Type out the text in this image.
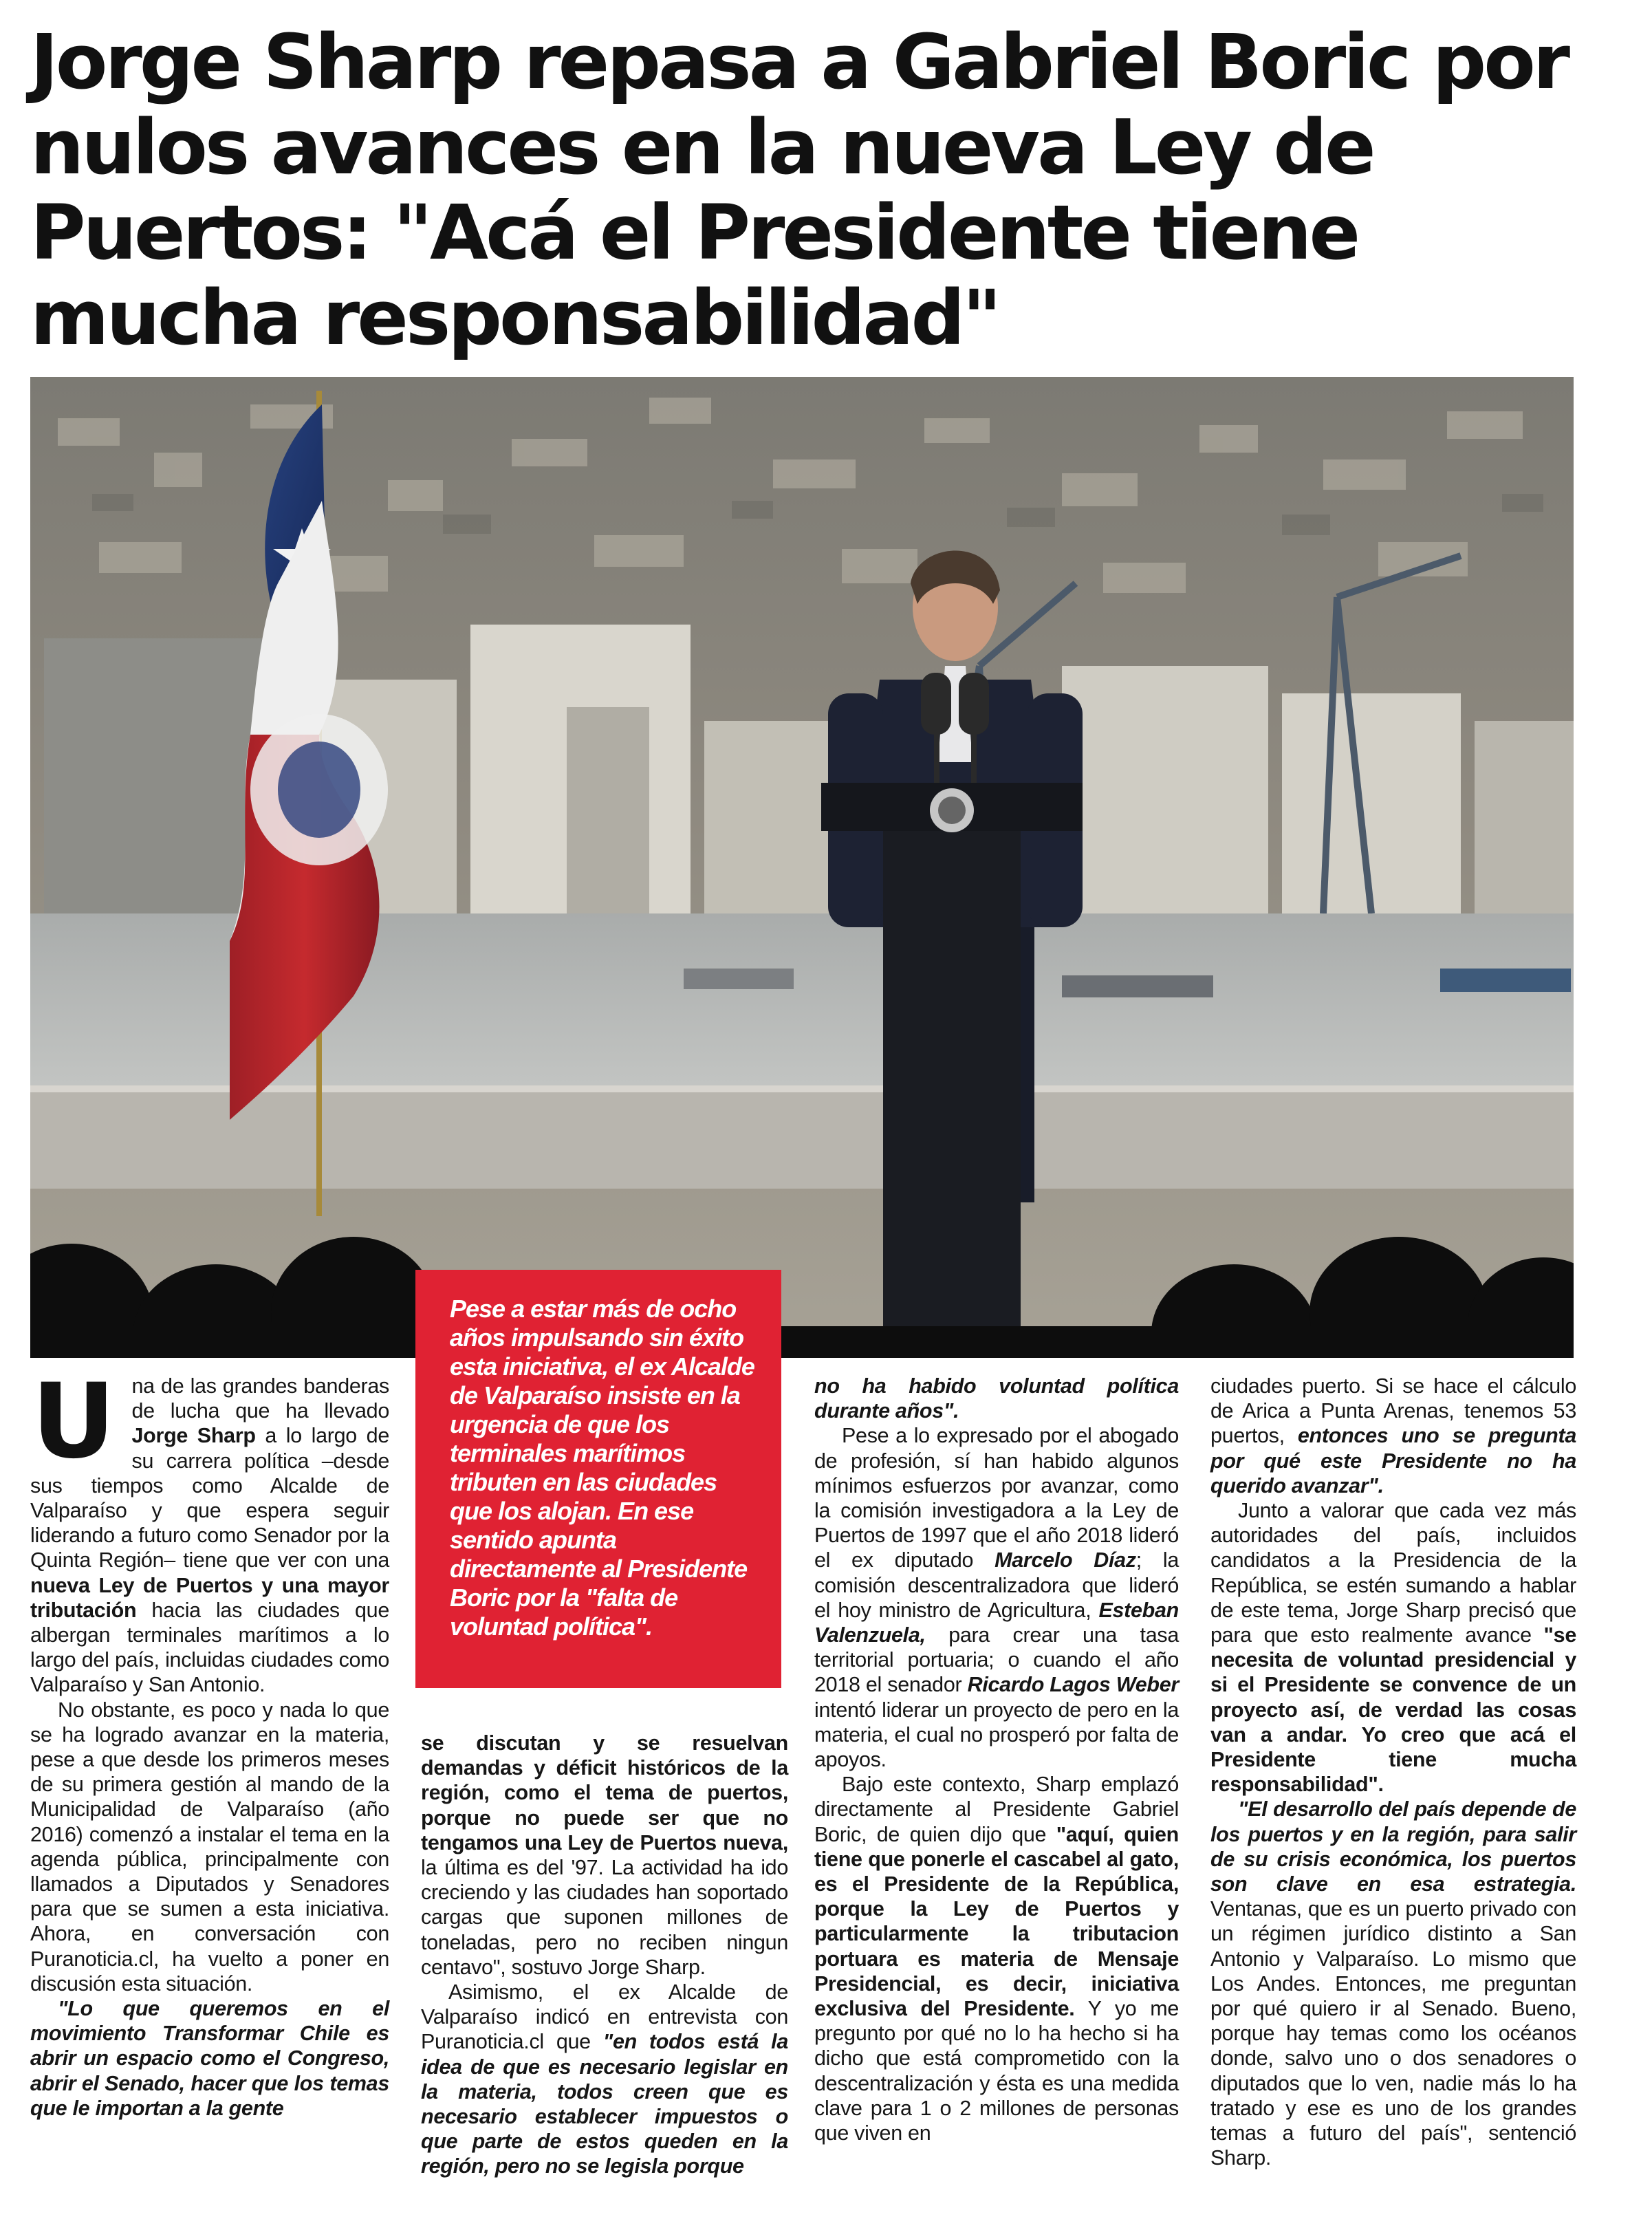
Jorge Sharp repasa a Gabriel Boric por nulos avances en la nueva Ley de Puertos: "Acá el Presidente tiene mucha responsabilidad"

Pese a estar más de ocho años impulsando sin éxito esta iniciativa, el ex Alcalde de Valparaíso insiste en la urgencia de que los terminales marítimos tributen en las ciudades que los alojan. En ese sentido apunta directamente al Presidente Boric por la "falta de voluntad política".

Una de las grandes banderas de lucha que ha llevado Jorge Sharp a lo largo de su carrera política –desde sus tiempos como Alcalde de Valparaíso y que espera seguir liderando a futuro como Senador por la Quinta Región– tiene que ver con una nueva Ley de Puertos y una mayor tributación hacia las ciudades que albergan terminales marítimos a lo largo del país, incluidas ciudades como Valparaíso y San Antonio.

No obstante, es poco y nada lo que se ha logrado avanzar en la materia, pese a que desde los primeros meses de su primera gestión al mando de la Municipalidad de Valparaíso (año 2016) comenzó a instalar el tema en la agenda pública, principalmente con llamados a Diputados y Senadores para que se sumen a esta iniciativa. Ahora, en conversación con Puranoticia.cl, ha vuelto a poner en discusión esta situación.

"Lo que queremos en el movimiento Transformar Chile es abrir un espacio como el Congreso, abrir el Senado, hacer que los temas que le importan a la gente

se discutan y se resuelvan demandas y déficit históricos de la región, como el tema de puertos, porque no puede ser que no tengamos una Ley de Puertos nueva, la última es del '97. La actividad ha ido creciendo y las ciudades han soportado cargas que suponen millones de toneladas, pero no reciben ningun centavo", sostuvo Jorge Sharp.

Asimismo, el ex Alcalde de Valparaíso indicó en entrevista con Puranoticia.cl que "en todos está la idea de que es necesario legislar en la materia, todos creen que es necesario establecer impuestos o que parte de estos queden en la región, pero no se legisla porque

no ha habido voluntad política durante años".

Pese a lo expresado por el abogado de profesión, sí han habido algunos mínimos esfuerzos por avanzar, como la comisión investigadora a la Ley de Puertos de 1997 que el año 2018 lideró el ex diputado Marcelo Díaz; la comisión descentralizadora que lideró el hoy ministro de Agricultura, Esteban Valenzuela, para crear una tasa territorial portuaria; o cuando el año 2018 el senador Ricardo Lagos Weber intentó liderar un proyecto de pero en la materia, el cual no prosperó por falta de apoyos.

Bajo este contexto, Sharp emplazó directamente al Presidente Gabriel Boric, de quien dijo que "aquí, quien tiene que ponerle el cascabel al gato, es el Presidente de la República, porque la Ley de Puertos y particularmente la tributacion portuara es materia de Mensaje Presidencial, es decir, iniciativa exclusiva del Presidente. Y yo me pregunto por qué no lo ha hecho si ha dicho que está comprometido con la descentralización y ésta es una medida clave para 1 o 2 millones de personas que viven en

ciudades puerto. Si se hace el cálculo de Arica a Punta Arenas, tenemos 53 puertos, entonces uno se pregunta por qué este Presidente no ha querido avanzar".

Junto a valorar que cada vez más autoridades del país, incluidos candidatos a la Presidencia de la República, se estén sumando a hablar de este tema, Jorge Sharp precisó que para que esto realmente avance "se necesita de voluntad presidencial y si el Presidente se convence de un proyecto así, de verdad las cosas van a andar. Yo creo que acá el Presidente tiene mucha responsabilidad".

"El desarrollo del país depende de los puertos y en la región, para salir de su crisis económica, los puertos son clave en esa estrategia. Ventanas, que es un puerto privado con un régimen jurídico distinto a San Antonio y Valparaíso. Lo mismo que Los Andes. Entonces, me preguntan por qué quiero ir al Senado. Bueno, porque hay temas como los océanos donde, salvo uno o dos senadores o diputados que lo ven, nadie más lo ha tratado y ese es uno de los grandes temas a futuro del país", sentenció Sharp.
